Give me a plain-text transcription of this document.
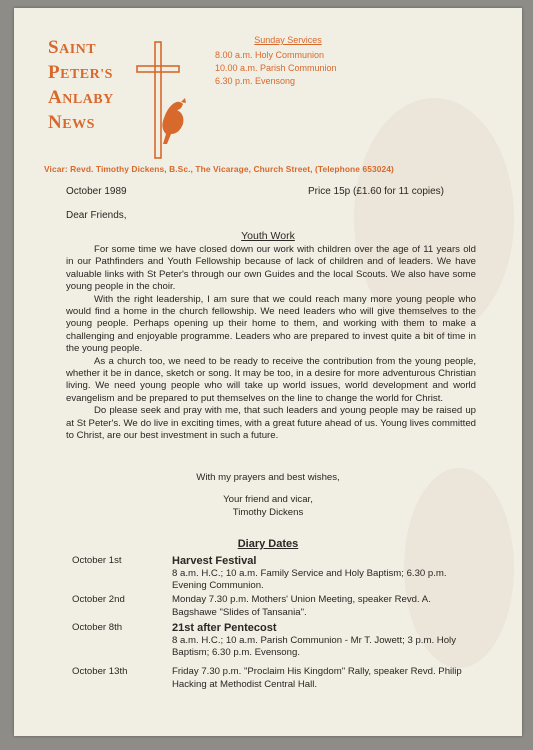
SAINT
PETER'S
ANLABY
NEWS
Sunday Services
8.00 a.m. Holy Communion
10.00 a.m. Parish Communion
6.30 p.m. Evensong
Vicar: Revd. Timothy Dickens, B.Sc., The Vicarage, Church Street, (Telephone 653024)
October 1989	Price 15p (£1.60 for 11 copies)
Dear Friends,
Youth Work

For some time we have closed down our work with children over the age of 11 years old in our Pathfinders and Youth Fellowship because of lack of children and of leaders. We have valuable links with St Peter's through our own Guides and the local Scouts. We also have some young people in the choir.

With the right leadership, I am sure that we could reach many more young people who would find a home in the church fellowship. We need leaders who will give themselves to the young people. Perhaps opening up their home to them, and working with them to make a challenging and enjoyable programme. Leaders who are prepared to invest quite a bit of time in the young people.

As a church too, we need to be ready to receive the contribution from the young people, whether it be in dance, sketch or song. It may be too, in a desire for more adventurous Christian living. We need young people who will take up world issues, world development and world evangelism and be prepared to put themselves on the line to change the world for Christ.

Do please seek and pray with me, that such leaders and young people may be raised up at St Peter's. We do live in exciting times, with a great future ahead of us. Young lives committed to Christ, are our best investment in such a future.

With my prayers and best wishes,
Your friend and vicar,
Timothy Dickens
Diary Dates
October 1st	Harvest Festival
8 a.m. H.C.; 10 a.m. Family Service and Holy Baptism; 6.30 p.m. Evening Communion.
October 2nd	Monday 7.30 p.m. Mothers' Union Meeting, speaker Revd. A. Bagshawe "Slides of Tansania".
October 8th	21st after Pentecost
8 a.m. H.C.; 10 a.m. Parish Communion - Mr T. Jowett; 3 p.m. Holy Baptism; 6.30 p.m. Evensong.
October 13th	Friday 7.30 p.m. "Proclaim His Kingdom" Rally, speaker Revd. Philip Hacking at Methodist Central Hall.
